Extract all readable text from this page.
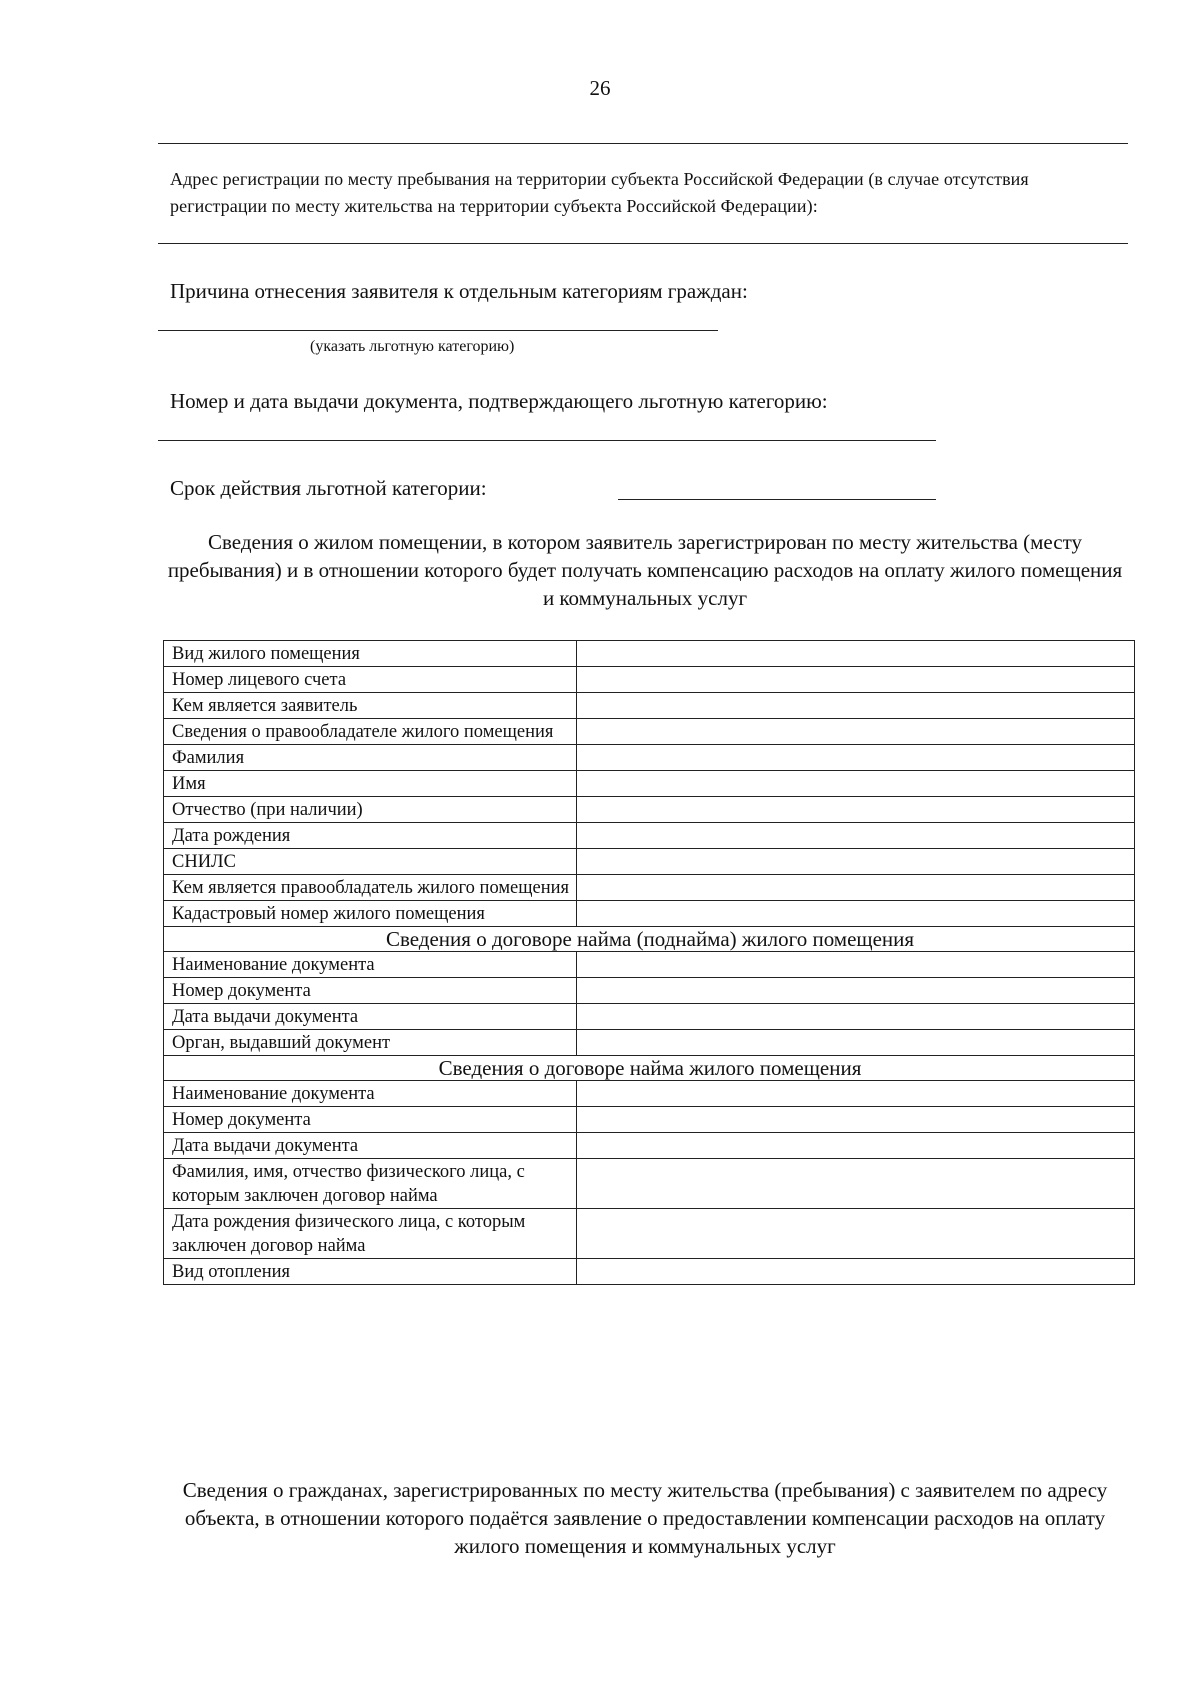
26
Адрес регистрации по месту пребывания на территории субъекта Российской Федерации (в случае отсутствия регистрации по месту жительства на территории субъекта Российской Федерации):
Причина отнесения заявителя к отдельным категориям граждан:
(указать льготную категорию)
Номер и дата выдачи документа, подтверждающего льготную категорию:
Срок действия льготной категории:
Сведения о жилом помещении, в котором заявитель зарегистрирован по месту жительства (месту пребывания) и в отношении которого будет получать компенсацию расходов на оплату жилого помещения и коммунальных услуг
Вид жилого помещения	
Номер лицевого счета	
Кем является заявитель	
Сведения о правообладателе жилого помещения	
Фамилия	
Имя	
Отчество (при наличии)	
Дата рождения	
СНИЛС	
Кем является правообладатель жилого помещения	
Кадастровый номер жилого помещения	
Сведения о договоре найма (поднайма) жилого помещения	
Наименование документа	
Номер документа	
Дата выдачи документа	
Орган, выдавший документ	
Сведения о договоре найма жилого помещения	
Наименование документа	
Номер документа	
Дата выдачи документа	
Фамилия, имя, отчество физического лица, с которым заключен договор найма	
Дата рождения физического лица, с которым заключен договор найма	
Вид отопления	
Сведения о гражданах, зарегистрированных по месту жительства (пребывания) с заявителем по адресу объекта, в отношении которого подаётся заявление о предоставлении компенсации расходов на оплату жилого помещения и коммунальных услуг
